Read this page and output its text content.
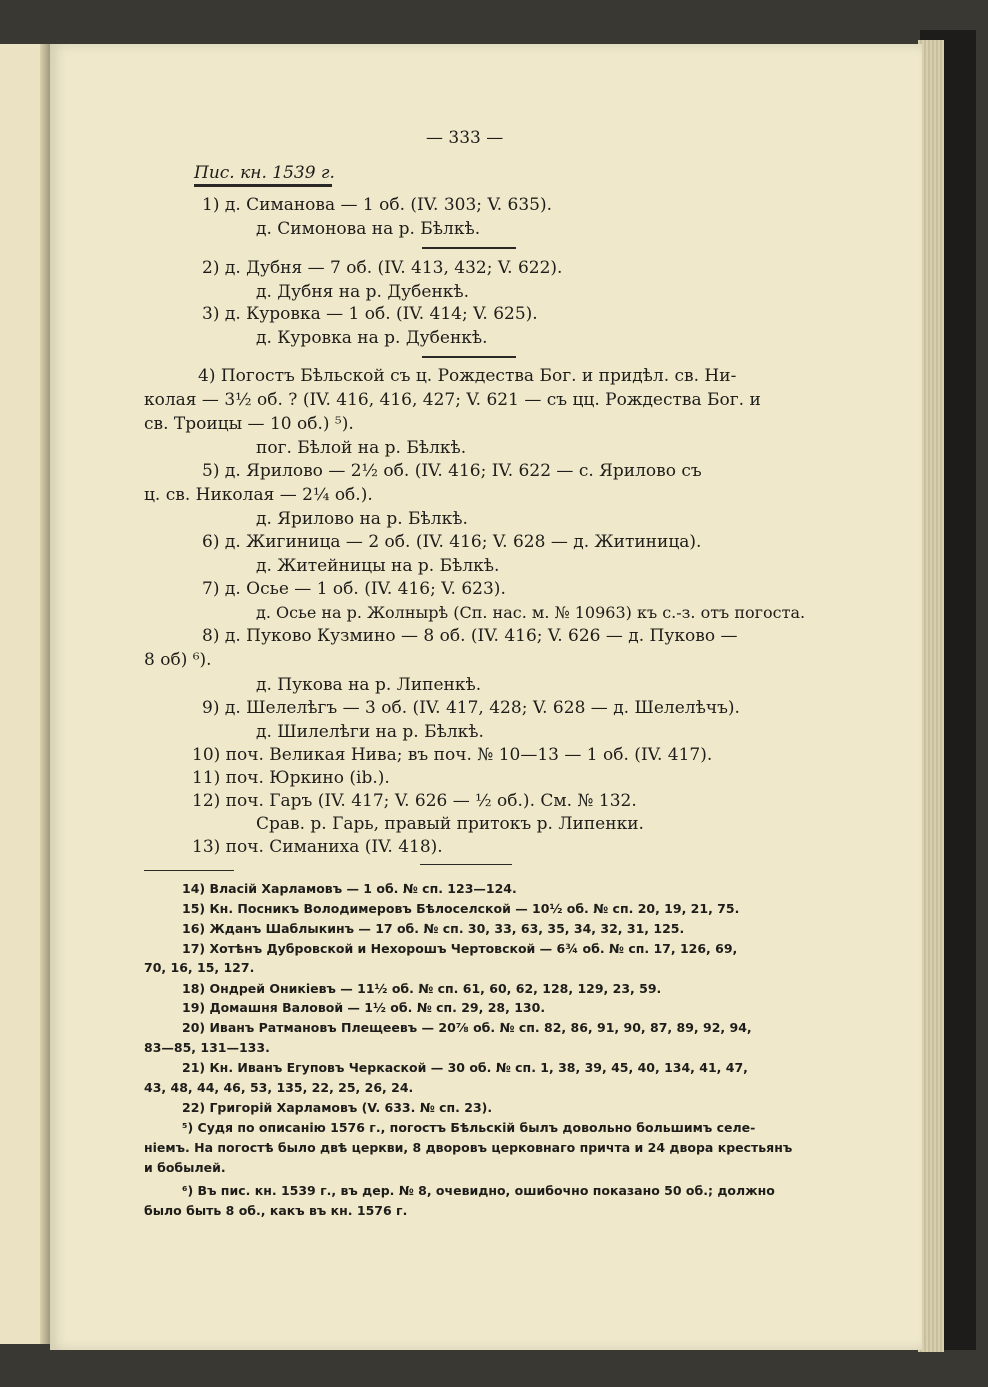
— 333 —
Пис. кн. 1539 г.
1) д. Симанова — 1 об. (IV. 303; V. 635).
д. Симонова на р. Бѣлкѣ.
2) д. Дубня — 7 об. (IV. 413, 432; V. 622).
д. Дубня на р. Дубенкѣ.
3) д. Куровка — 1 об. (IV. 414; V. 625).
д. Куровка на р. Дубенкѣ.
4) Погостъ Бѣльской съ ц. Рождества Бог. и придѣл. св. Ни-
колая — 3½ об. ? (IV. 416, 416, 427; V. 621 — съ цц. Рождества Бог. и
св. Троицы — 10 об.) ⁵).
пог. Бѣлой на р. Бѣлкѣ.
5) д. Ярилово — 2½ об. (IV. 416; IV. 622 — с. Ярилово съ
ц. св. Николая — 2¼ об.).
д. Ярилово на р. Бѣлкѣ.
6) д. Жигиница — 2 об. (IV. 416; V. 628 — д. Житиница).
д. Житейницы на р. Бѣлкѣ.
7) д. Осье — 1 об. (IV. 416; V. 623).
д. Осье на р. Жолнырѣ (Сп. нас. м. № 10963) къ с.-з. отъ погоста.
8) д. Пуково Кузмино — 8 об. (IV. 416; V. 626 — д. Пуково —
8 об) ⁶).
д. Пукова на р. Липенкѣ.
9) д. Шелелѣгъ — 3 об. (IV. 417, 428; V. 628 — д. Шелелѣчъ).
д. Шилелѣги на р. Бѣлкѣ.
10) поч. Великая Нива; въ поч. № 10—13 — 1 об. (IV. 417).
11) поч. Юркино (ib.).
12) поч. Гаръ (IV. 417; V. 626 — ½ об.). См. № 132.
Срав. р. Гарь, правый притокъ р. Липенки.
13) поч. Симаниха (IV. 418).
14) Власій Харламовъ — 1 об. № сп. 123—124.
15) Кн. Посникъ Володимеровъ Бѣлоселской — 10½ об. № сп. 20, 19, 21, 75.
16) Жданъ Шаблыкинъ — 17 об. № сп. 30, 33, 63, 35, 34, 32, 31, 125.
17) Хотѣнъ Дубровской и Нехорошъ Чертовской — 6¾ об. № сп. 17, 126, 69,
70, 16, 15, 127.
18) Ондрей Оникіевъ — 11½ об. № сп. 61, 60, 62, 128, 129, 23, 59.
19) Домашня Валовой — 1½ об. № сп. 29, 28, 130.
20) Иванъ Ратмановъ Плещеевъ — 20⅞ об. № сп. 82, 86, 91, 90, 87, 89, 92, 94,
83—85, 131—133.
21) Кн. Иванъ Егуповъ Черкаской — 30 об. № сп. 1, 38, 39, 45, 40, 134, 41, 47,
43, 48, 44, 46, 53, 135, 22, 25, 26, 24.
22) Григорій Харламовъ (V. 633. № сп. 23).
⁵) Судя по описанію 1576 г., погостъ Бѣльскій былъ довольно большимъ селе-
ніемъ. На погостѣ было двѣ церкви, 8 дворовъ церковнаго причта и 24 двора крестьянъ
и бобылей.
⁶) Въ пис. кн. 1539 г., въ дер. № 8, очевидно, ошибочно показано 50 об.; должно
было быть 8 об., какъ въ кн. 1576 г.
